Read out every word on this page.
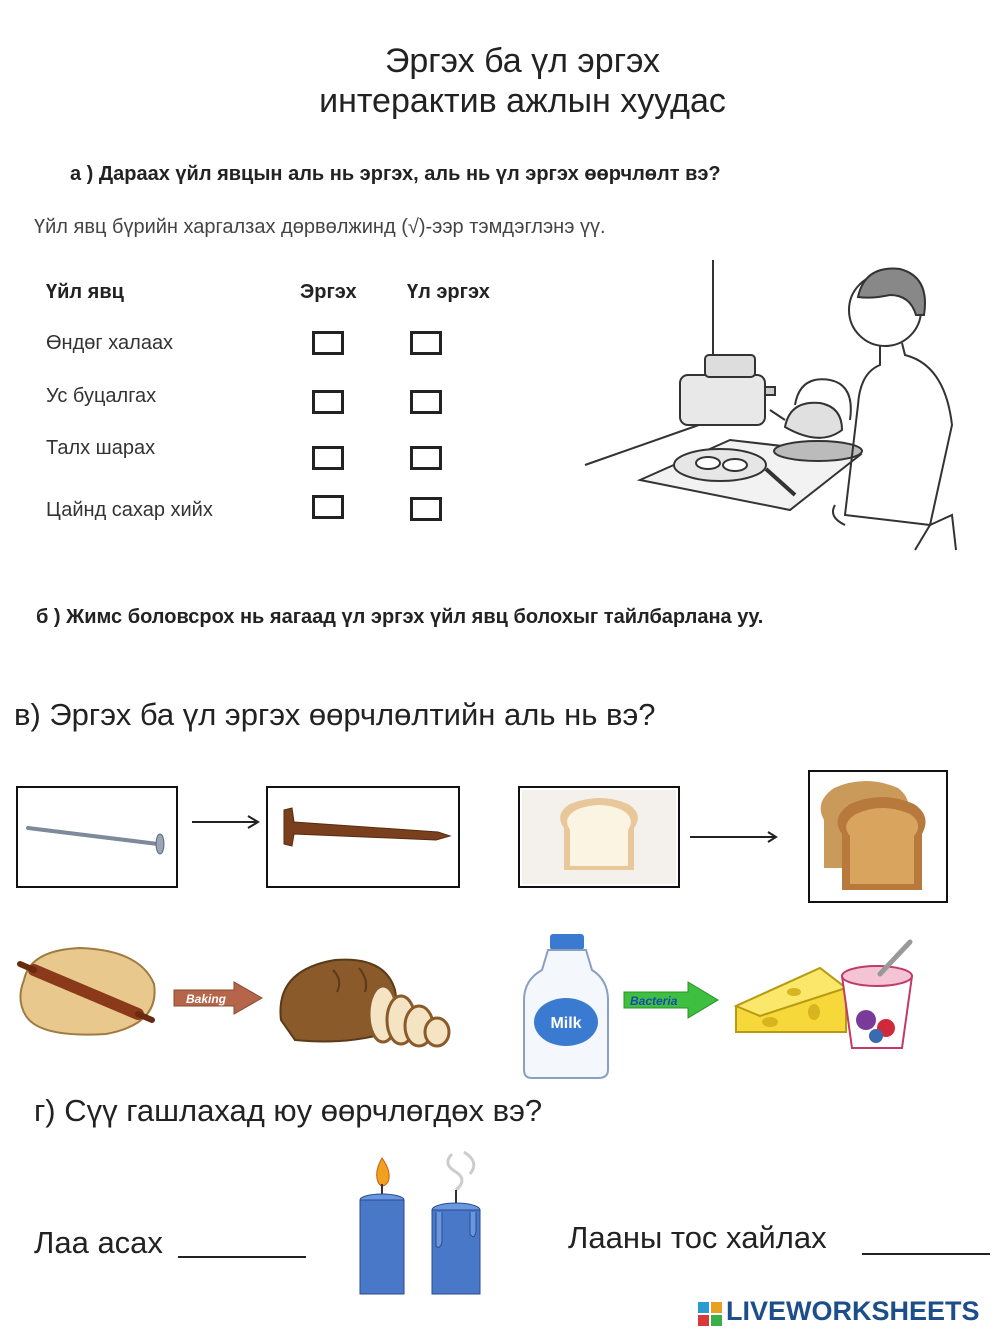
Эргэх ба үл эргэх
интерактив ажлын хуудас
а ) Дараах үйл явцын аль нь эргэх, аль нь үл эргэх өөрчлөлт вэ?
Үйл явц бүрийн харгалзах дөрвөлжинд (√)-ээр тэмдэглэнэ үү.
Үйл явц	Эргэх	Үл эргэх
Өндөг халаах
Ус буцалгах
Талх шарах
Цайнд сахар хийх
б ) Жимс боловсрох нь яагаад үл эргэх үйл явц болохыг тайлбарлана уу.
в) Эргэх ба үл эргэх өөрчлөлтийн аль нь вэ?
Baking
Milk
Bacteria
г) Сүү гашлахад юу өөрчлөгдөх вэ?
Лаа асах	Лааны тос хайлах
LIVEWORKSHEETS
